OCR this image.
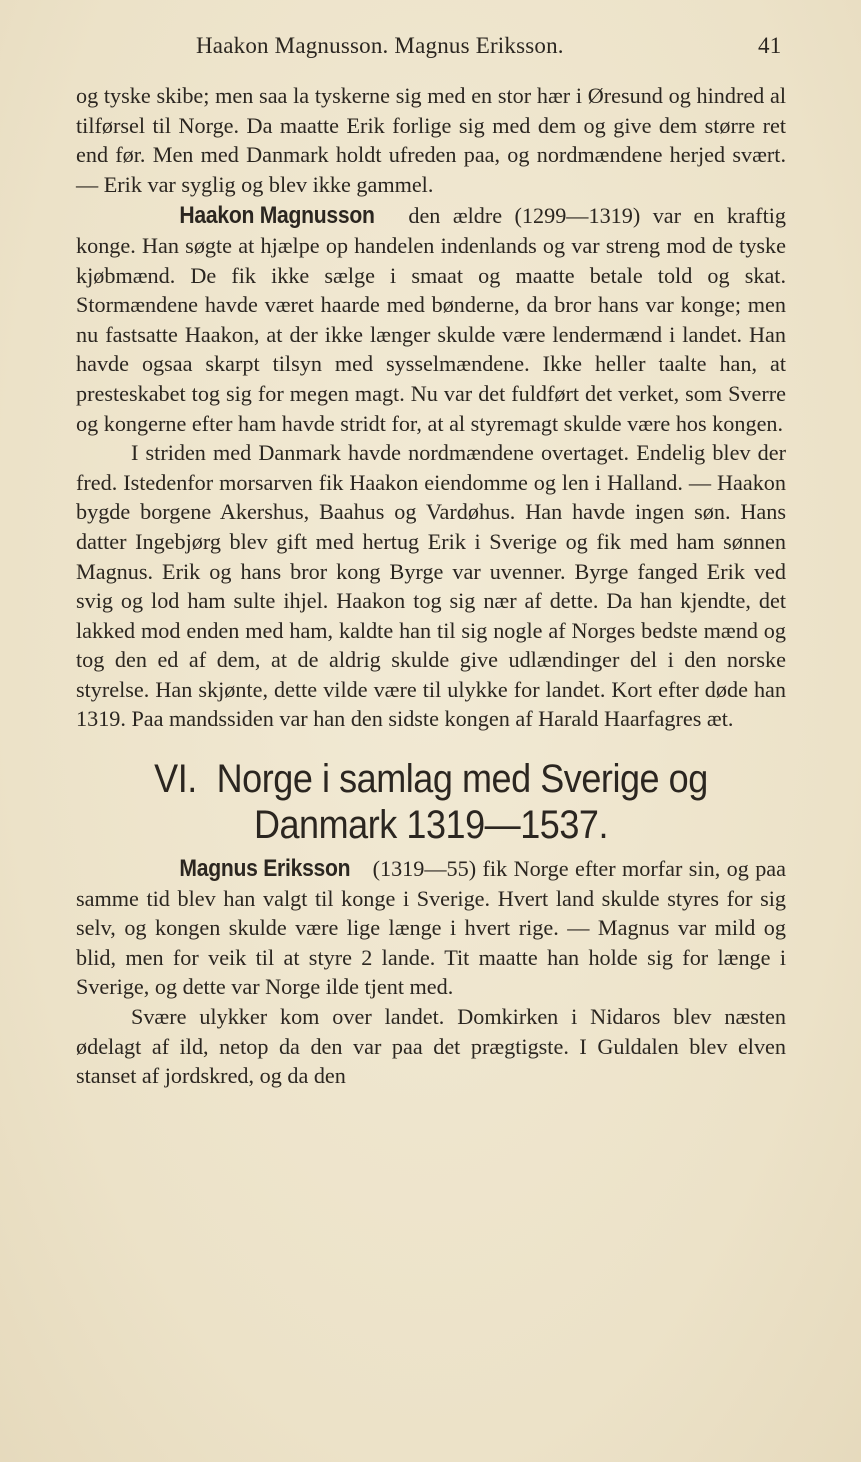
Haakon Magnusson. Magnus Eriksson.	41

og tyske skibe; men saa la tyskerne sig med en stor hær i Øresund og hindred al tilførsel til Norge. Da maatte Erik forlige sig med dem og give dem større ret end før. Men med Danmark holdt ufreden paa, og nordmændene herjed svært. — Erik var syglig og blev ikke gammel.

Haakon Magnusson den ældre (1299—1319) var en kraftig konge. Han søgte at hjælpe op handelen indenlands og var streng mod de tyske kjøbmænd. De fik ikke sælge i smaat og maatte betale told og skat. Stormændene havde været haarde med bønderne, da bror hans var konge; men nu fastsatte Haakon, at der ikke længer skulde være lendermænd i landet. Han havde ogsaa skarpt tilsyn med sysselmændene. Ikke heller taalte han, at presteskabet tog sig for megen magt. Nu var det fuldført det verket, som Sverre og kongerne efter ham havde stridt for, at al styremagt skulde være hos kongen.

I striden med Danmark havde nordmændene overtaget. Endelig blev der fred. Istedenfor morsarven fik Haakon eiendomme og len i Halland. — Haakon bygde borgene Akershus, Baahus og Vardøhus. Han havde ingen søn. Hans datter Ingebjørg blev gift med hertug Erik i Sverige og fik med ham sønnen Magnus. Erik og hans bror kong Byrge var uvenner. Byrge fanged Erik ved svig og lod ham sulte ihjel. Haakon tog sig nær af dette. Da han kjendte, det lakked mod enden med ham, kaldte han til sig nogle af Norges bedste mænd og tog den ed af dem, at de aldrig skulde give udlændinger del i den norske styrelse. Han skjønte, dette vilde være til ulykke for landet. Kort efter døde han 1319. Paa mandssiden var han den sidste kongen af Harald Haarfagres æt.

VI. Norge i samlag med Sverige og
Danmark 1319—1537.

Magnus Eriksson (1319—55) fik Norge efter morfar sin, og paa samme tid blev han valgt til konge i Sverige. Hvert land skulde styres for sig selv, og kongen skulde være lige længe i hvert rige. — Magnus var mild og blid, men for veik til at styre 2 lande. Tit maatte han holde sig for længe i Sverige, og dette var Norge ilde tjent med.

Svære ulykker kom over landet. Domkirken i Nidaros blev næsten ødelagt af ild, netop da den var paa det prægtigste. I Guldalen blev elven stanset af jordskred, og da den
